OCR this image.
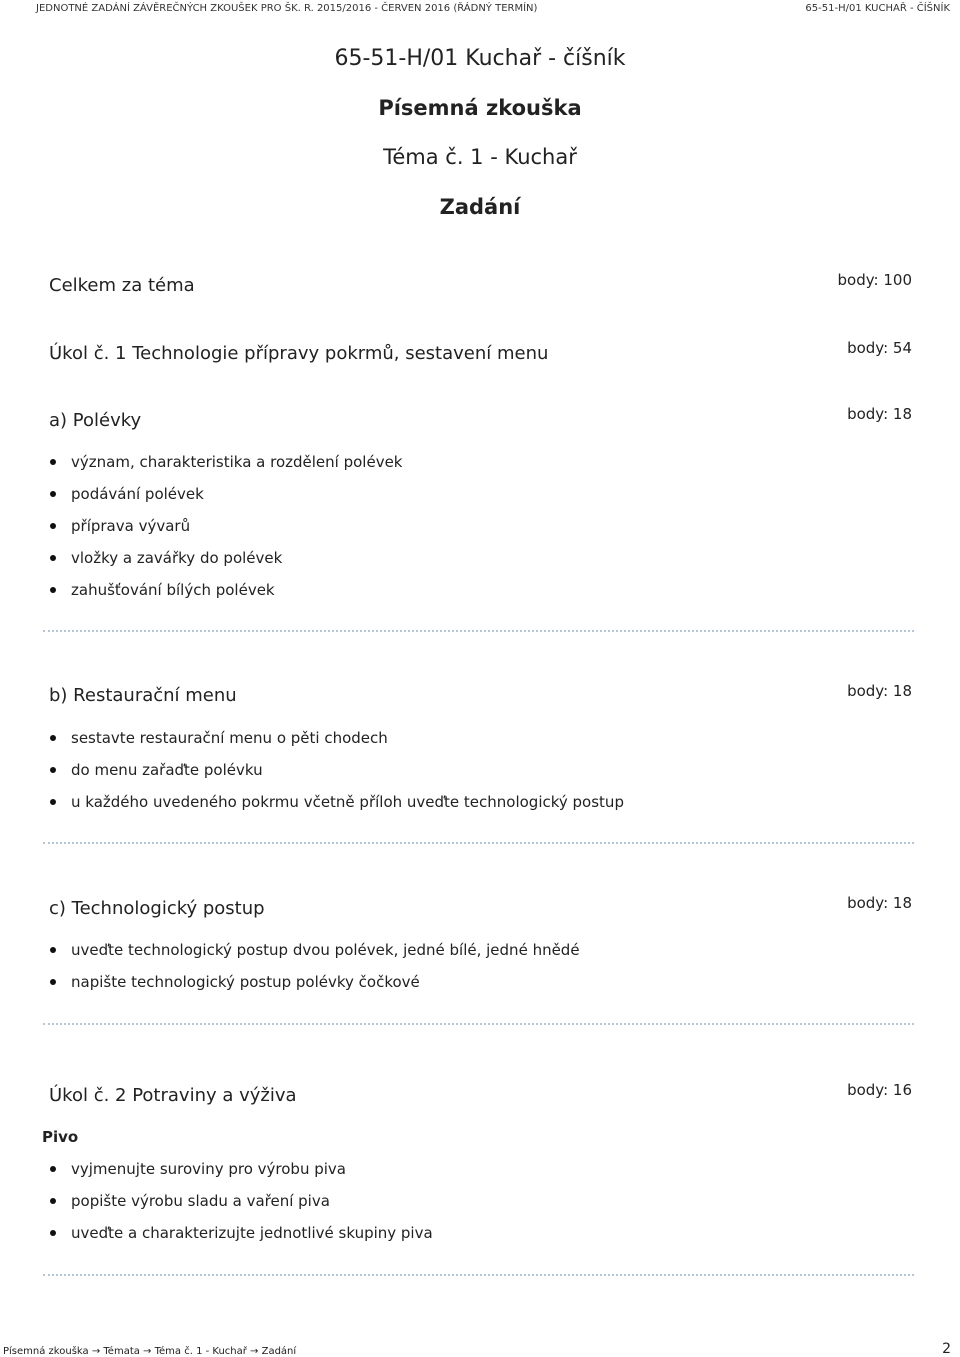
JEDNOTNÉ ZADÁNÍ ZÁVĚREČNÝCH ZKOUŠEK PRO ŠK. R. 2015/2016 - ČERVEN 2016 (ŘÁDNÝ TERMÍN)	65-51-H/01 KUCHAŘ - ČÍŠNÍK
65-51-H/01 Kuchař - číšník
Písemná zkouška
Téma č. 1 - Kuchař
Zadání
Celkem za téma	body: 100
Úkol č. 1 Technologie přípravy pokrmů, sestavení menu	body: 54
a) Polévky	body: 18
význam, charakteristika a rozdělení polévek
podávání polévek
příprava vývarů
vložky a zavářky do polévek
zahušťování bílých polévek
b) Restaurační menu	body: 18
sestavte restaurační menu o pěti chodech
do menu zařaďte polévku
u každého uvedeného pokrmu včetně příloh uveďte technologický postup
c) Technologický postup	body: 18
uveďte technologický postup dvou polévek, jedné bílé, jedné hnědé
napište technologický postup polévky čočkové
Úkol č. 2 Potraviny a výživa	body: 16
Pivo
vyjmenujte suroviny pro výrobu piva
popište výrobu sladu a vaření piva
uveďte a charakterizujte jednotlivé skupiny piva
Písemná zkouška → Témata → Téma č. 1 - Kuchař → Zadání	2
